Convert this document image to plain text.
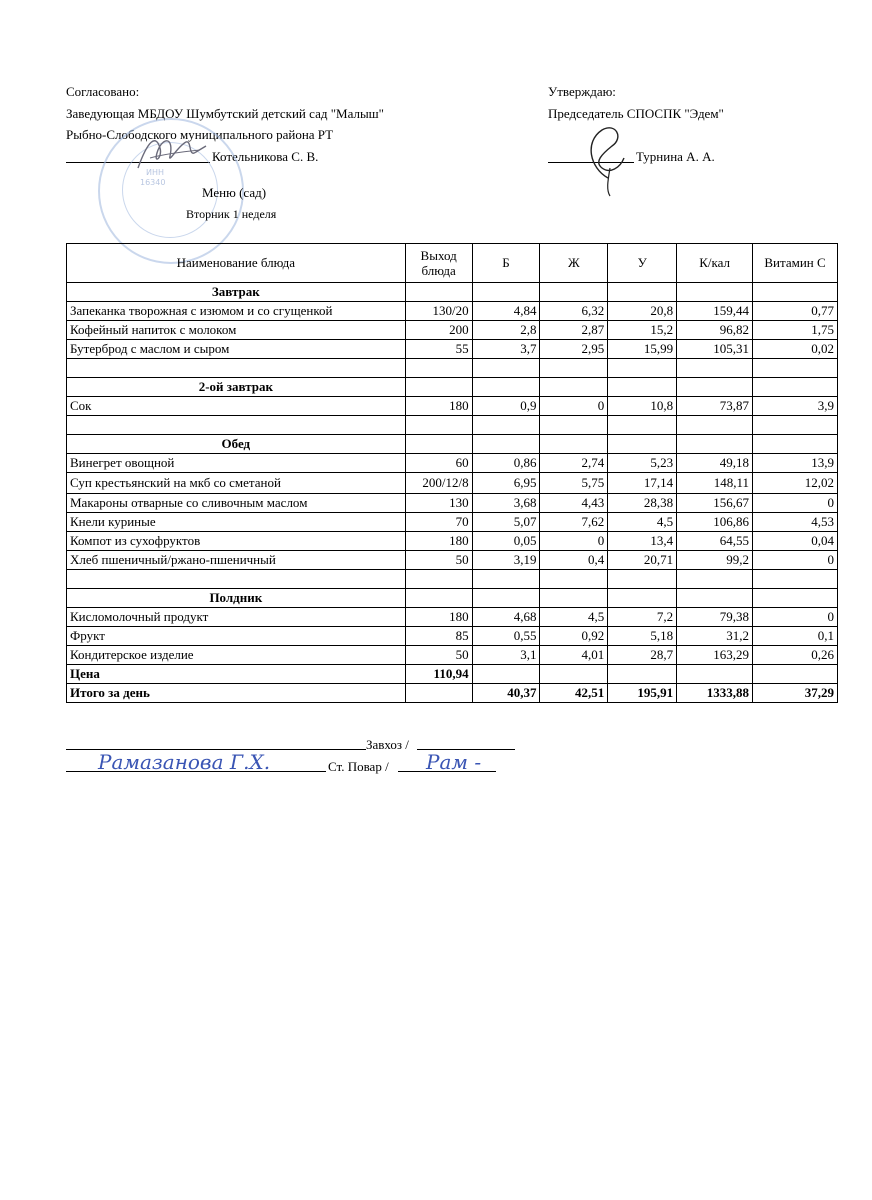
Согласовано:
Заведующая МБДОУ Шумбутский детский сад "Малыш"
Рыбно-Слободского муниципального района РТ
Котельникова С. В.
Утверждаю:
Председатель СПОСПК "Эдем"
Турнина А. А.
ИНН
16340
Меню (сад)
Вторник 1 неделя
Наименование блюда	Выход блюда	Б	Ж	У	К/кал	Витамин С
Завтрак						
Запеканка творожная с изюмом и со сгущенкой	130/20	4,84	6,32	20,8	159,44	0,77
Кофейный напиток с молоком	200	2,8	2,87	15,2	96,82	1,75
Бутерброд с маслом и сыром	55	3,7	2,95	15,99	105,31	0,02

2-ой завтрак						
Сок	180	0,9	0	10,8	73,87	3,9

Обед						
Винегрет овощной	60	0,86	2,74	5,23	49,18	13,9
Суп крестьянский на мкб со сметаной	200/12/8	6,95	5,75	17,14	148,11	12,02
Макароны отварные со сливочным маслом	130	3,68	4,43	28,38	156,67	0
Кнели куриные	70	5,07	7,62	4,5	106,86	4,53
Компот из сухофруктов	180	0,05	0	13,4	64,55	0,04
Хлеб пшеничный/ржано-пшеничный	50	3,19	0,4	20,71	99,2	0

Полдник						
Кисломолочный продукт	180	4,68	4,5	7,2	79,38	0
Фрукт	85	0,55	0,92	5,18	31,2	0,1
Кондитерское изделие	50	3,1	4,01	28,7	163,29	0,26
Цена	110,94					
Итого за день		40,37	42,51	195,91	1333,88	37,29
Завхоз /
Рамазанова Г.Х.	Ст. Повар / Рам -
